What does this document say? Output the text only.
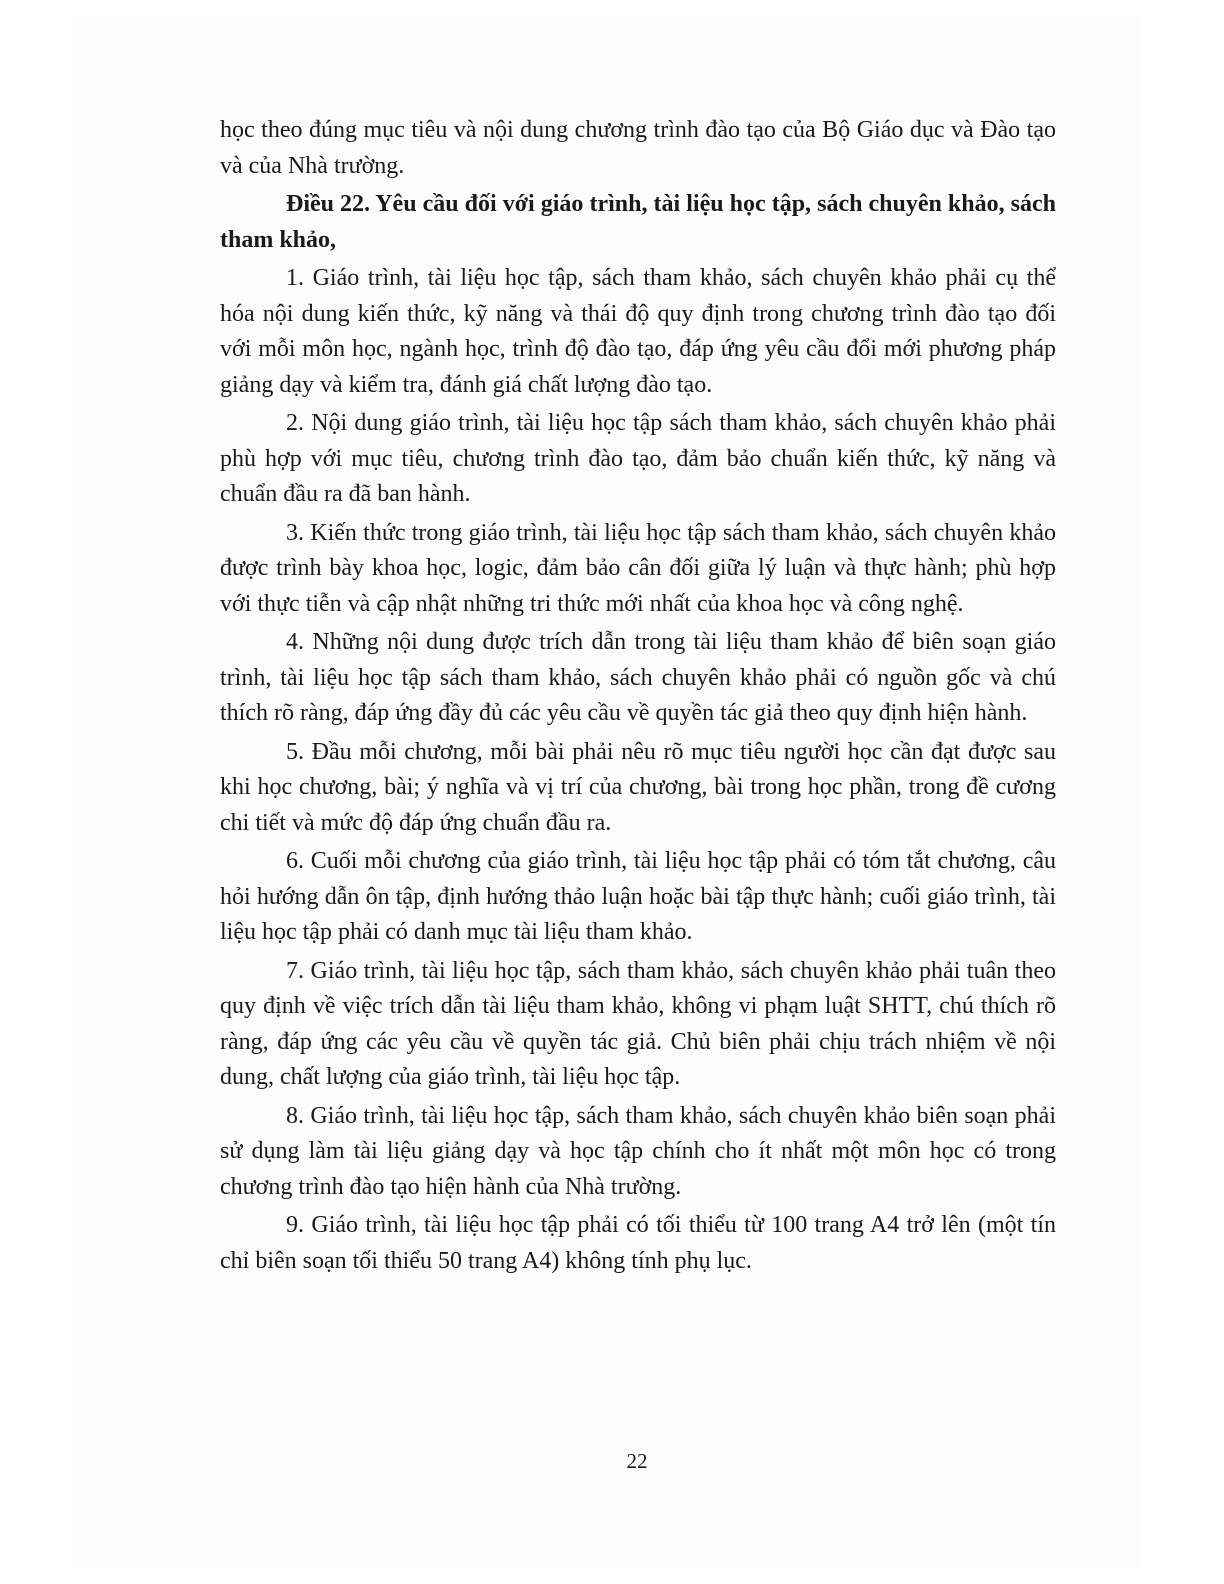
học theo đúng mục tiêu và nội dung chương trình đào tạo của Bộ Giáo dục và Đào tạo và của Nhà trường.

Điều 22. Yêu cầu đối với giáo trình, tài liệu học tập, sách chuyên khảo, sách tham khảo,

1. Giáo trình, tài liệu học tập, sách tham khảo, sách chuyên khảo phải cụ thể hóa nội dung kiến thức, kỹ năng và thái độ quy định trong chương trình đào tạo đối với mỗi môn học, ngành học, trình độ đào tạo, đáp ứng yêu cầu đổi mới phương pháp giảng dạy và kiểm tra, đánh giá chất lượng đào tạo.

2. Nội dung giáo trình, tài liệu học tập sách tham khảo, sách chuyên khảo phải phù hợp với mục tiêu, chương trình đào tạo, đảm bảo chuẩn kiến thức, kỹ năng và chuẩn đầu ra đã ban hành.

3. Kiến thức trong giáo trình, tài liệu học tập sách tham khảo, sách chuyên khảo được trình bày khoa học, logic, đảm bảo cân đối giữa lý luận và thực hành; phù hợp với thực tiễn và cập nhật những tri thức mới nhất của khoa học và công nghệ.

4. Những nội dung được trích dẫn trong tài liệu tham khảo để biên soạn giáo trình, tài liệu học tập sách tham khảo, sách chuyên khảo phải có nguồn gốc và chú thích rõ ràng, đáp ứng đầy đủ các yêu cầu về quyền tác giả theo quy định hiện hành.

5. Đầu mỗi chương, mỗi bài phải nêu rõ mục tiêu người học cần đạt được sau khi học chương, bài; ý nghĩa và vị trí của chương, bài trong học phần, trong đề cương chi tiết và mức độ đáp ứng chuẩn đầu ra.

6. Cuối mỗi chương của giáo trình, tài liệu học tập phải có tóm tắt chương, câu hỏi hướng dẫn ôn tập, định hướng thảo luận hoặc bài tập thực hành; cuối giáo trình, tài liệu học tập phải có danh mục tài liệu tham khảo.

7. Giáo trình, tài liệu học tập, sách tham khảo, sách chuyên khảo phải tuân theo quy định về việc trích dẫn tài liệu tham khảo, không vi phạm luật SHTT, chú thích rõ ràng, đáp ứng các yêu cầu về quyền tác giả. Chủ biên phải chịu trách nhiệm về nội dung, chất lượng của giáo trình, tài liệu học tập.

8. Giáo trình, tài liệu học tập, sách tham khảo, sách chuyên khảo biên soạn phải sử dụng làm tài liệu giảng dạy và học tập chính cho ít nhất một môn học có trong chương trình đào tạo hiện hành của Nhà trường.

9. Giáo trình, tài liệu học tập phải có tối thiểu từ 100 trang A4 trở lên (một tín chỉ biên soạn tối thiểu 50 trang A4) không tính phụ lục.

22
